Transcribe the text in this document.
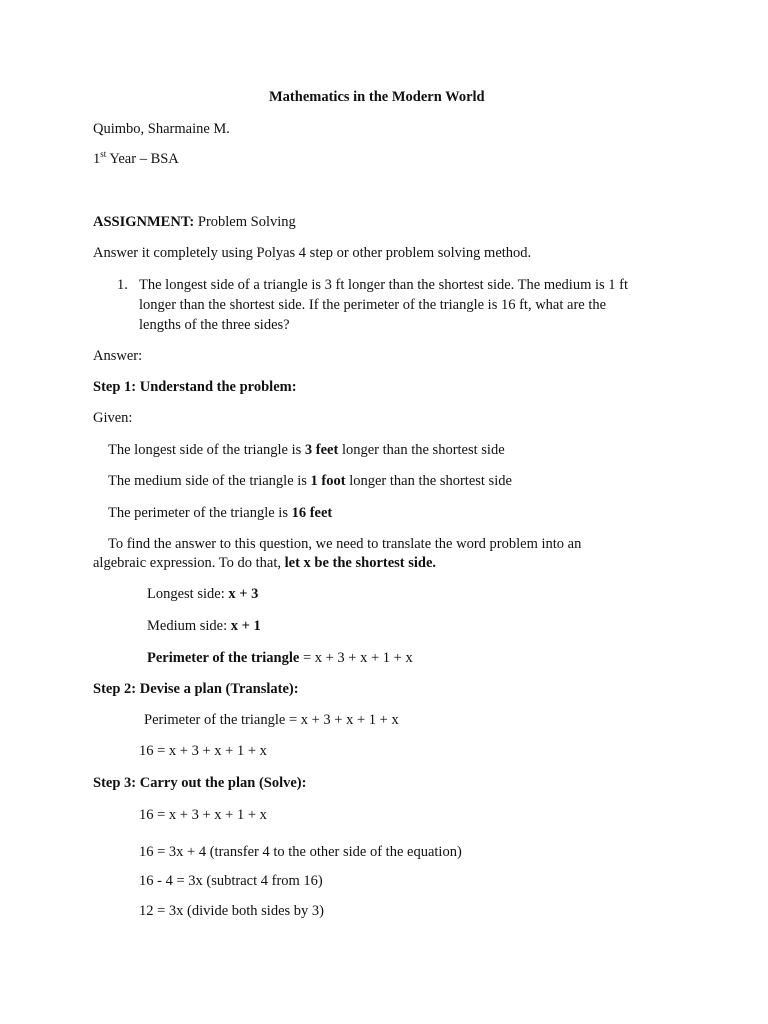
Mathematics in the Modern World
Quimbo, Sharmaine M.
1st Year – BSA
ASSIGNMENT: Problem Solving
Answer it completely using Polyas 4 step or other problem solving method.
1. The longest side of a triangle is 3 ft longer than the shortest side. The medium is 1 ft
longer than the shortest side. If the perimeter of the triangle is 16 ft, what are the
lengths of the three sides?
Answer:
Step 1: Understand the problem:
Given:
The longest side of the triangle is 3 feet longer than the shortest side
The medium side of the triangle is 1 foot longer than the shortest side
The perimeter of the triangle is 16 feet
To find the answer to this question, we need to translate the word problem into an
algebraic expression. To do that, let x be the shortest side.
Longest side: x + 3
Medium side: x + 1
Perimeter of the triangle = x + 3 + x + 1 + x
Step 2: Devise a plan (Translate):
Perimeter of the triangle = x + 3 + x + 1 + x
16 = x + 3 + x + 1 + x
Step 3: Carry out the plan (Solve):
16 = x + 3 + x + 1 + x
16 = 3x + 4 (transfer 4 to the other side of the equation)
16 - 4 = 3x (subtract 4 from 16)
12 = 3x (divide both sides by 3)
